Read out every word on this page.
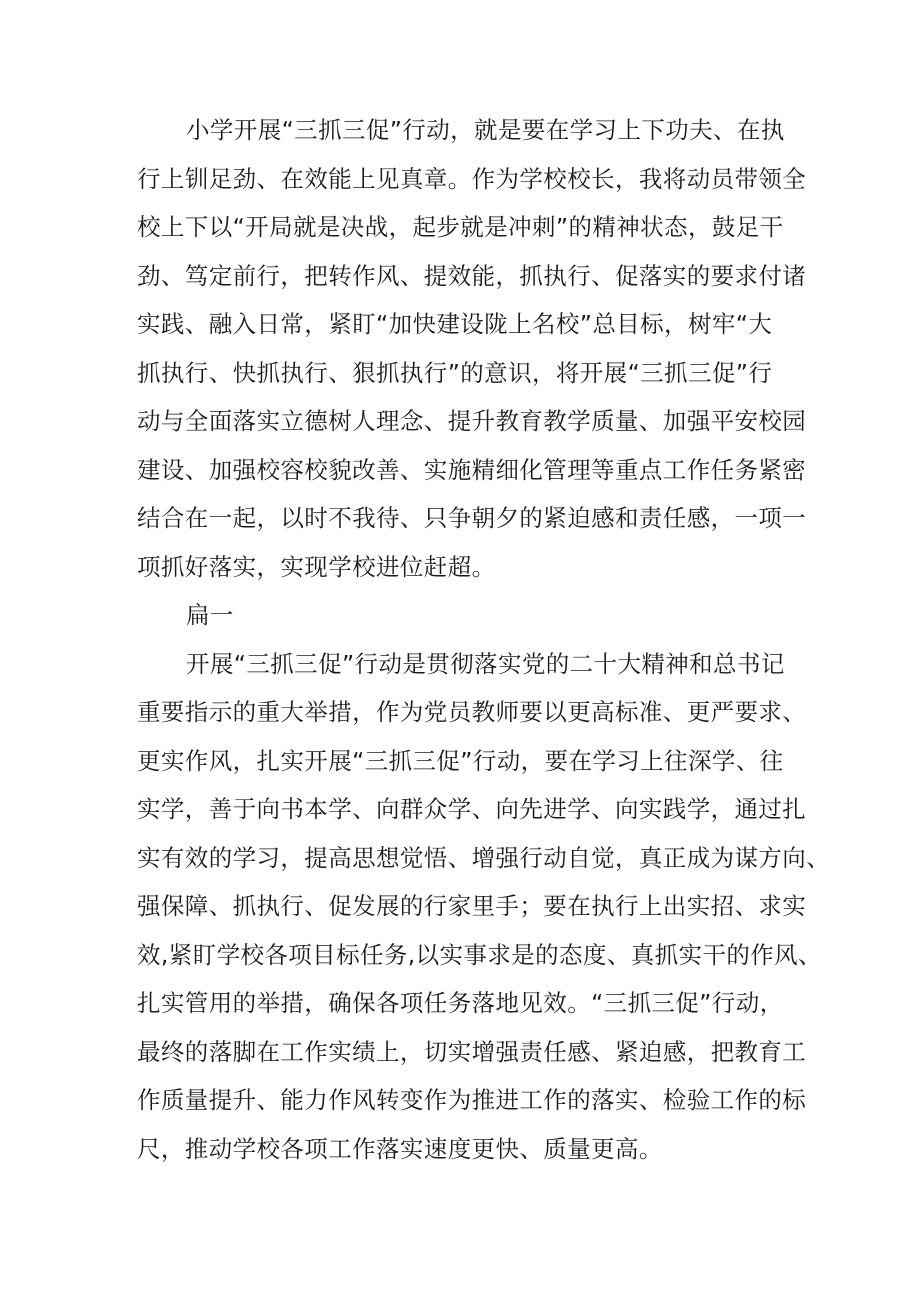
小学开展“三抓三促”行动，就是要在学习上下功夫、在执
行上钏足劲、在效能上见真章。作为学校校长，我将动员带领全
校上下以“开局就是决战，起步就是冲刺”的精神状态，鼓足干
劲、笃定前行，把转作风、提效能，抓执行、促落实的要求付诸
实践、融入日常，紧盯“加快建设陇上名校”总目标，树牢“大
抓执行、快抓执行、狠抓执行”的意识，将开展“三抓三促”行
动与全面落实立德树人理念、提升教育教学质量、加强平安校园
建设、加强校容校貌改善、实施精细化管理等重点工作任务紧密
结合在一起，以时不我待、只争朝夕的紧迫感和责任感，一项一
项抓好落实，实现学校进位赶超。
扁一
开展“三抓三促”行动是贯彻落实党的二十大精神和总书记
重要指示的重大举措，作为党员教师要以更高标准、更严要求、
更实作风，扎实开展“三抓三促”行动，要在学习上往深学、往
实学，善于向书本学、向群众学、向先进学、向实践学，通过扎
实有效的学习，提高思想觉悟、增强行动自觉，真正成为谋方向、
强保障、抓执行、促发展的行家里手；要在执行上出实招、求实
效,紧盯学校各项目标任务,以实事求是的态度、真抓实干的作风、
扎实管用的举措，确保各项任务落地见效。“三抓三促”行动，
最终的落脚在工作实绩上，切实增强责任感、紧迫感，把教育工
作质量提升、能力作风转变作为推进工作的落实、检验工作的标
尺，推动学校各项工作落实速度更快、质量更高。
